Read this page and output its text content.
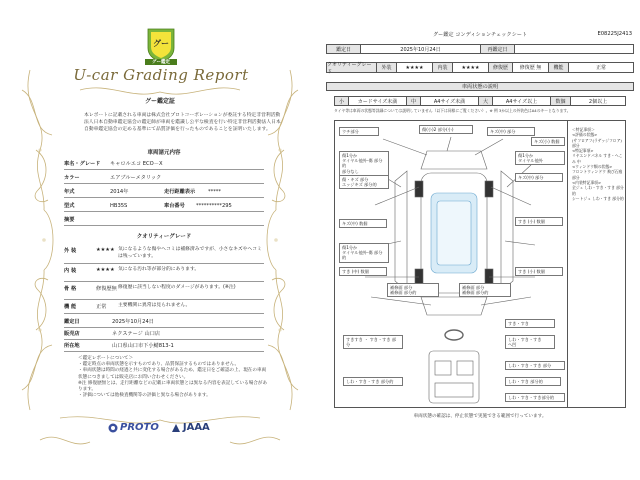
グー
グー鑑定
U-car Grading Report
グー鑑定証
本レポートに記載される車両は株式会社プロトコーポレーションが委託する特定非営利活動法人日本自動車鑑定協会の鑑定師が車両を鑑識し公平な検査を行い特定非営利活動法人日本自動車鑑定協会の定める基準にて品質評価を行ったものであることを証明いたします。
車両諸元内容
車名・グレード	キャロルエコ ECO－X
カラー	エアブルーメタリック
年式	2014年	走行距離表示	*****
型式	HB35S	車台番号	**********295
摘要
クオリティーグレード
外 装	★★★★ 気になるような傷やヘコミは補修済みですが、小さなキズやヘコミは残っています。
内 装	★★★★ 気になる汚れ等が部分的にあります。
骨 格	修復歴無 修復歴に該当しない程度のダメージがあります。(※注)
機 能	正常	主要機関に異常は見られません。
鑑定日	2025年10月24日
販売店	ネクステージ 山口店
所在地	山口県山口市下小鯖813-1
＜鑑定レポートについて＞
・鑑定時点の車両状態を示すものであり、品質保証するものではありません。
・車両状態は時間の経過と共に変化する場合があるため、鑑定日をご確認の上、現在の車両状態につきましては販売店にお問い合わせください。
※注 修復歴無とは、走行距離などの記載に車両状態とは異なる内容を表記している場合があります。
・評価については他検査機関等の評価と異なる場合があります。
PROTO JAAA
グー鑑定 コンディションチェックシート	E08225J2413
鑑定日	2025年10月24日	再鑑定日
クオリティーグレード
外装	★★★★	内装	★★★★	修復歴	修復歴 無	機能	正常
車両状態の説明
小	カードサイズ未満	中	A4サイズ未満	大	A4サイズ以上	数個	2個以上
タイヤ等は車両の状態等詳細については説明していません（以下は同様にご覧ください）。※ 例 3か以上の外装色はA4のキーとなります。
ウチ部分	傷(小)2 部分(小)	キズ(中) 部分
キズ(小) 数個
傷1分か
タイヤル他外-傷 部分的
部分なし
傷1分か
タイヤル他外
傷・キズ 部分
エッジキズ 部分的
キズ(中) 部分
キズ(中) 数個	すき (小) 数個
傷1分か
タイヤル他外-傷 部分的
すき (中) 数個	すき (小) 数個
補修面 部分
補修面 部分的
補修面 部分
補修面 部分的
すき・すき
すきすき ・ すき・すき 部分
しわ・すき・すき
へ凹
しわ・すき・すき 部分
しわ・すき・すき 部分的	しわ・すき 部分的
しわ・すき・すき部分的
＜特記事項＞
<評価の状態>
(サフロアフ(ラゲッジフロア) 部分
<特記事項>
リヤエンドパネル すき・へこみ 中
<ウィンドウ類の状態>
フロントウィンドウ 飛び石痕 部分
<内装特記事項>
全ジュ しわ・すき・すき 部分的
シートジュ しわ・すき 部分的
車両状態の確認は、停止状態で実施できる範囲で行っています。
